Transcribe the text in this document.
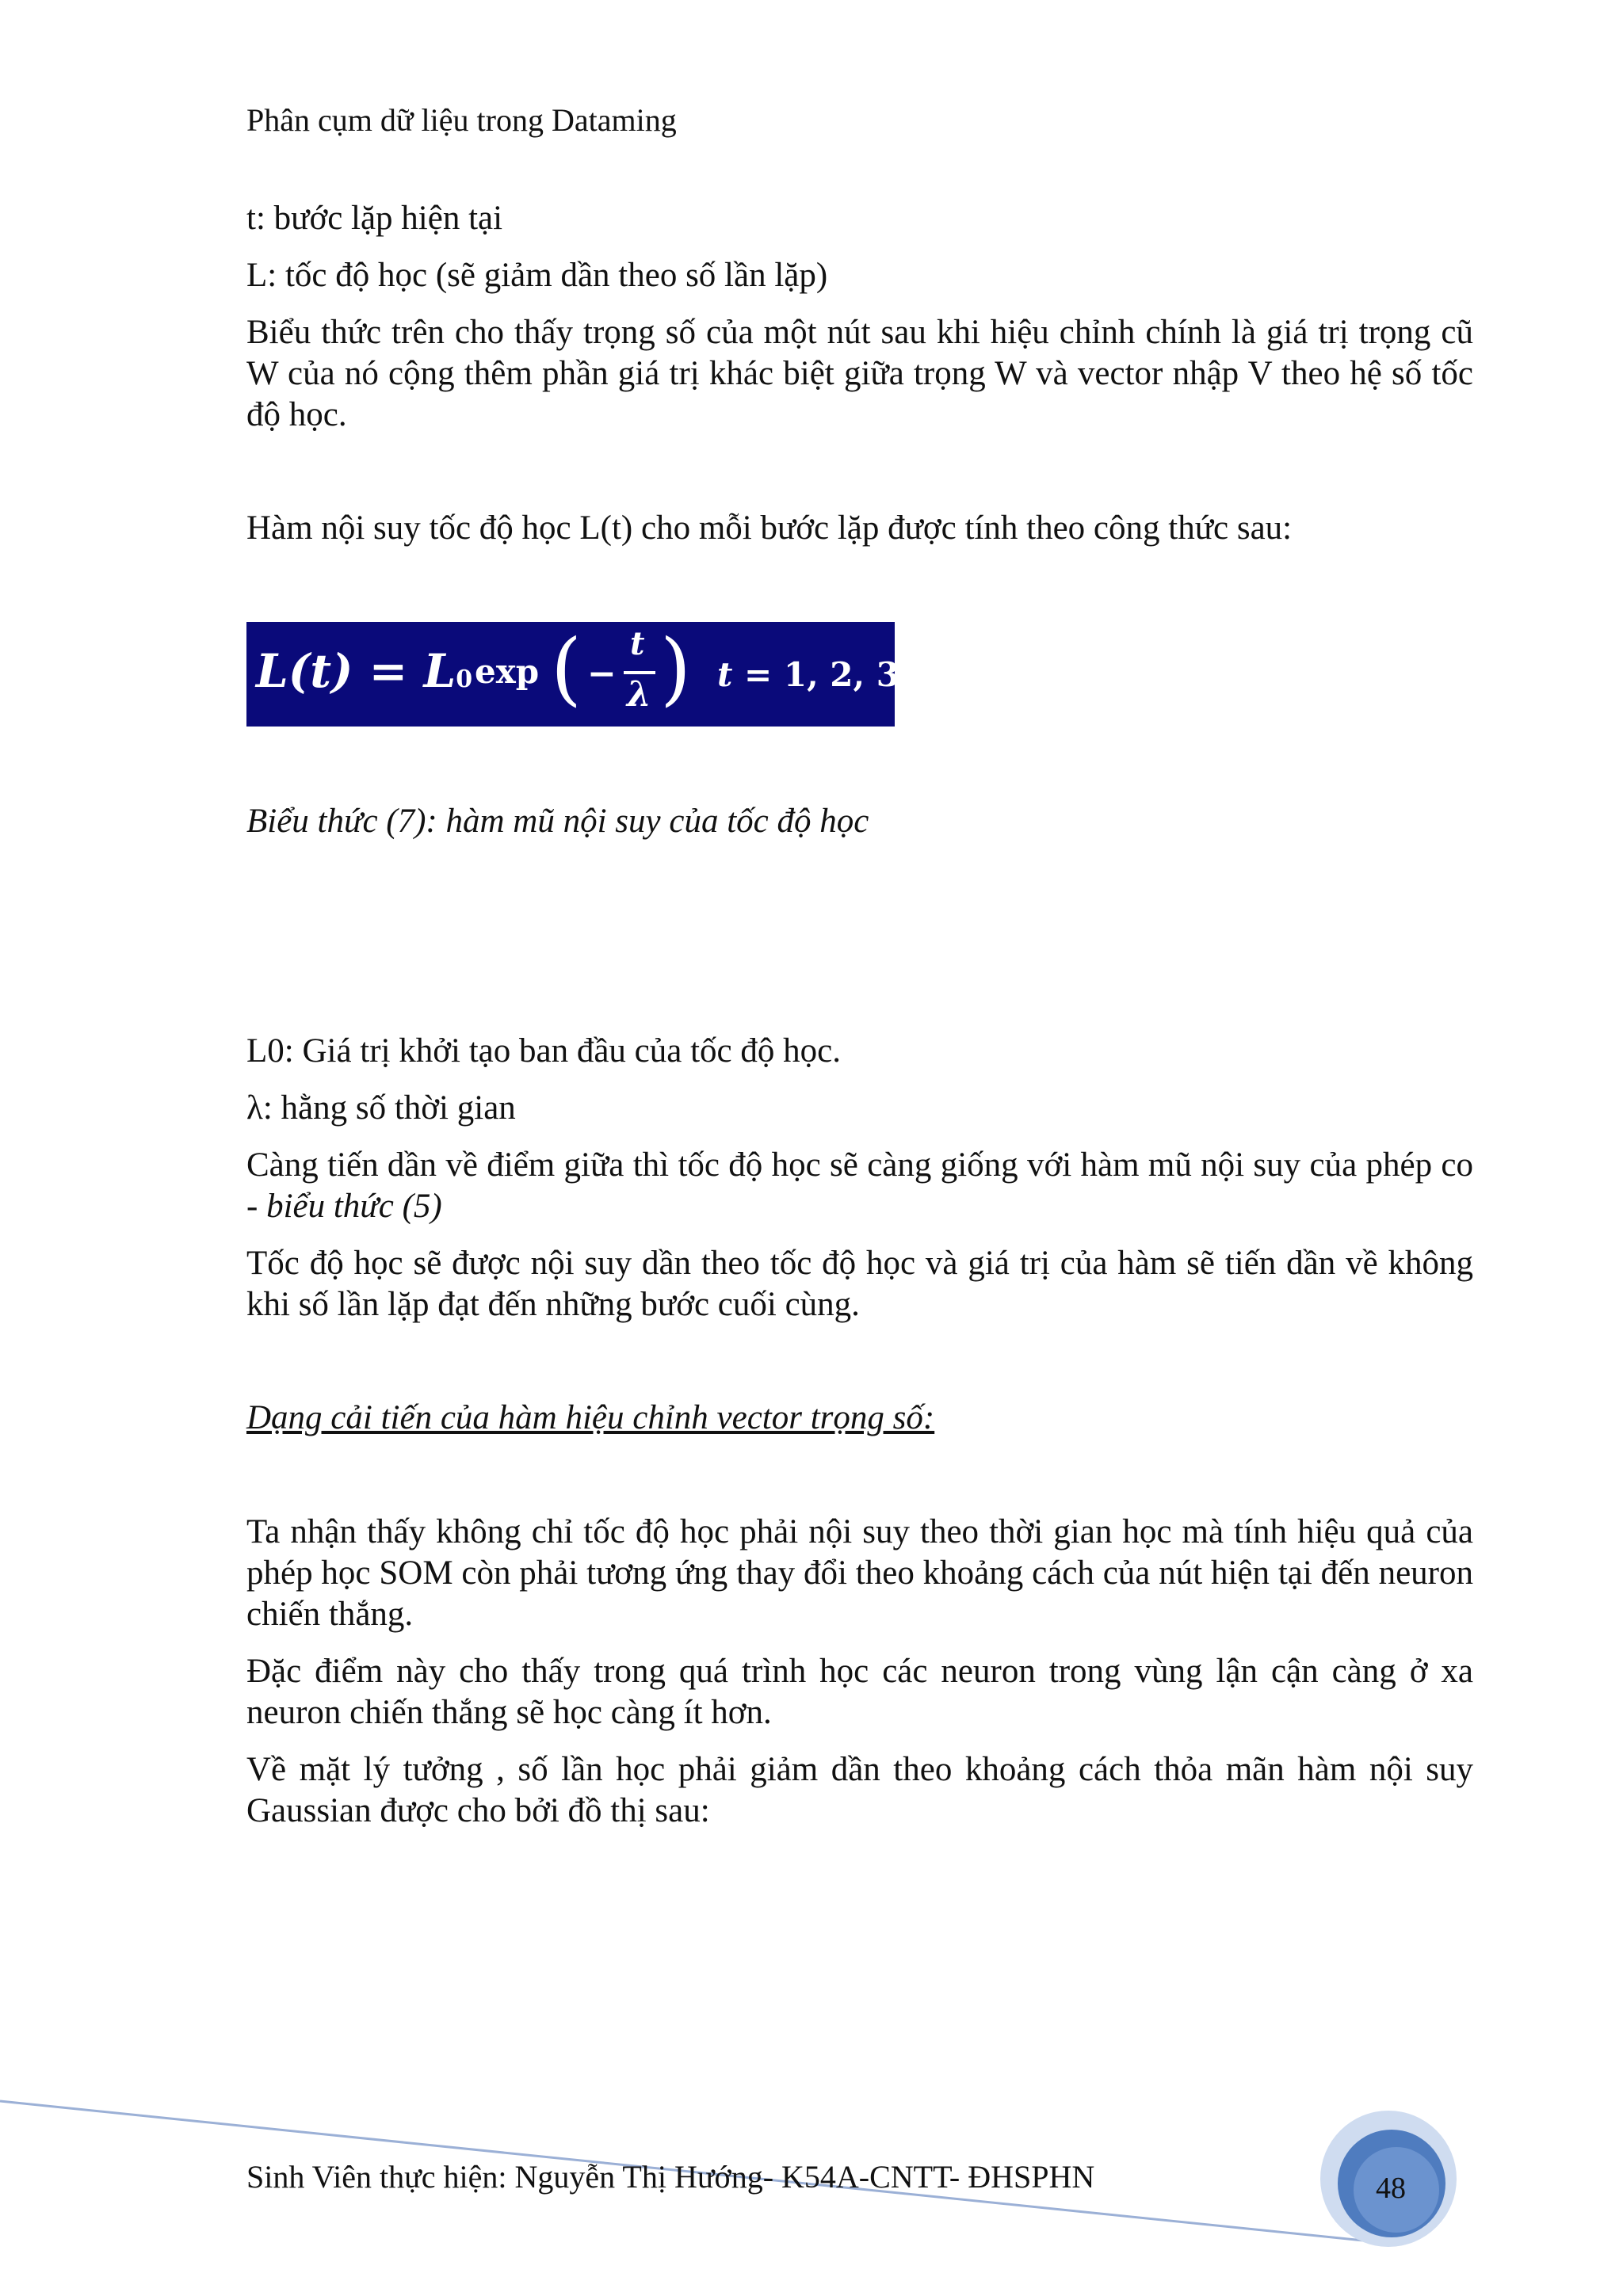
Phân cụm dữ liệu trong Dataming

t: bước lặp hiện tại

L: tốc độ học (sẽ giảm dần theo số lần lặp)

Biểu thức trên cho thấy trọng số của một nút sau khi hiệu chỉnh chính là giá trị trọng cũ W của nó cộng thêm phần giá trị khác biệt giữa trọng W và vector nhập V theo hệ số tốc độ học.

Hàm nội suy tốc độ học L(t) cho mỗi bước lặp được tính theo công thức sau:

L(t) = L0 exp ( −
t
λ ) t = 1, 2, 3...

Biểu thức (7): hàm mũ nội suy của tốc độ học

L0: Giá trị khởi tạo ban đầu của tốc độ học.

λ: hằng số thời gian

Càng tiến dần về điểm giữa thì tốc độ học sẽ càng giống với hàm mũ nội suy của phép co - biểu thức (5)

Tốc độ học sẽ được nội suy dần theo tốc độ học và giá trị của hàm sẽ tiến dần về không khi số lần lặp đạt đến những bước cuối cùng.

Dạng cải tiến của hàm hiệu chỉnh vector trọng số:

Ta nhận thấy không chỉ tốc độ học phải nội suy theo thời gian học mà tính hiệu quả của phép học SOM còn phải tương ứng thay đổi theo khoảng cách của nút hiện tại đến neuron chiến thắng.

Đặc điểm này cho thấy trong quá trình học các neuron trong vùng lận cận càng ở xa neuron chiến thắng sẽ học càng ít hơn.

Về mặt lý tưởng , số lần học phải giảm dần theo khoảng cách thỏa mãn hàm nội suy Gaussian được cho bởi đồ thị sau:

Sinh Viên thực hiện: Nguyễn Thị Hướng- K54A-CNTT- ĐHSPHN	48
